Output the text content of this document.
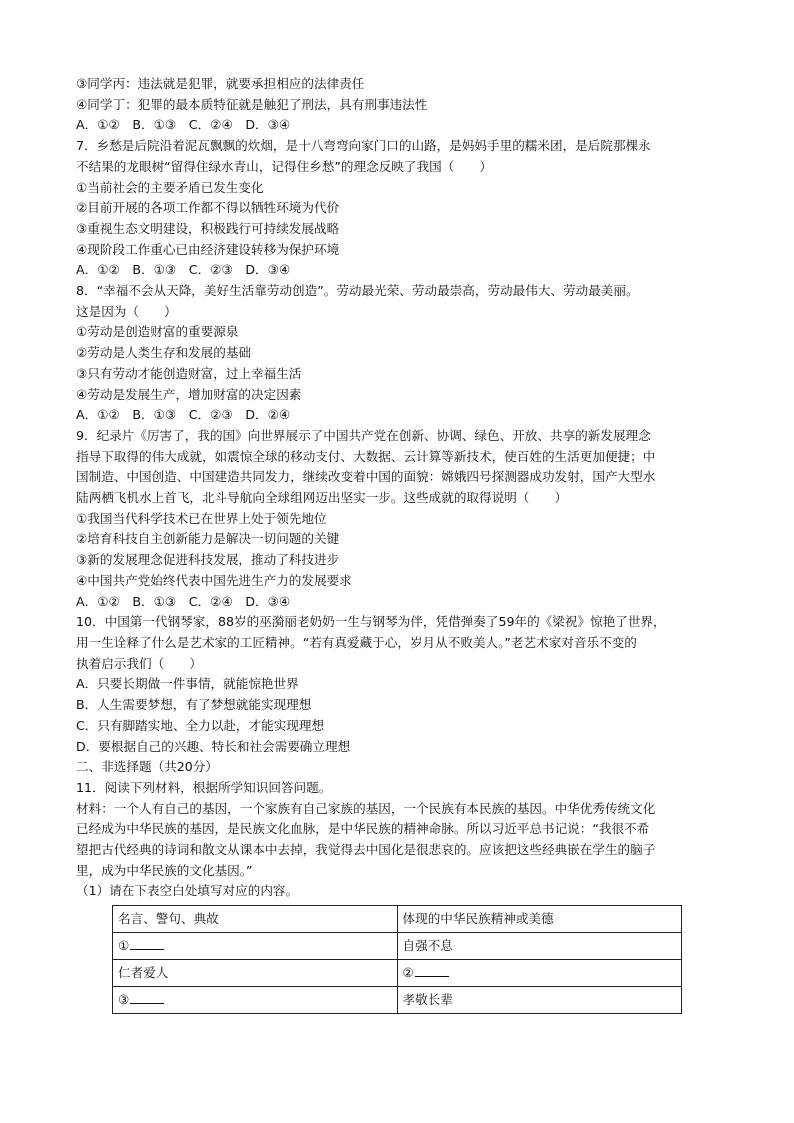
③同学丙：违法就是犯罪，就要承担相应的法律责任
④同学丁：犯罪的最本质特征就是触犯了刑法，具有刑事违法性
A．①②　B．①③　C．②④　D．③④
7．乡愁是后院沿着泥瓦飘飘的炊烟，是十八弯弯向家门口的山路，是妈妈手里的糯米团，是后院那棵永
不结果的龙眼树“留得住绿水青山，记得住乡愁”的理念反映了我国（　　）
①当前社会的主要矛盾已发生变化
②目前开展的各项工作都不得以牺牲环境为代价
③重视生态文明建设，积极践行可持续发展战略
④现阶段工作重心已由经济建设转移为保护环境
A．①②　B．①③　C．②③　D．③④
8．“幸福不会从天降，美好生活靠劳动创造”。劳动最光荣、劳动最崇高，劳动最伟大、劳动最美丽。
这是因为（　　）
①劳动是创造财富的重要源泉
②劳动是人类生存和发展的基础
③只有劳动才能创造财富，过上幸福生活
④劳动是发展生产，增加财富的决定因素
A．①②　B．①③　C．②③　D．②④
9．纪录片《厉害了，我的国》向世界展示了中国共产党在创新、协调、绿色、开放、共享的新发展理念
指导下取得的伟大成就，如震惊全球的移动支付、大数据、云计算等新技术，使百姓的生活更加便捷；中
国制造、中国创造、中国建造共同发力，继续改变着中国的面貌：嫦娥四号探测器成功发射，国产大型水
陆两栖飞机水上首飞，北斗导航向全球组网迈出坚实一步。这些成就的取得说明（　　）
①我国当代科学技术已在世界上处于领先地位
②培育科技自主创新能力是解决一切问题的关键
③新的发展理念促进科技发展，推动了科技进步
④中国共产党始终代表中国先进生产力的发展要求
A．①②　B．①③　C．②④　D．③④
10．中国第一代钢琴家，88岁的巫漪丽老奶奶一生与钢琴为伴，凭借弹奏了59年的《梁祝》惊艳了世界，
用一生诠释了什么是艺术家的工匠精神。“若有真爱藏于心，岁月从不败美人。”老艺术家对音乐不变的
执着启示我们（　　）
A．只要长期做一件事情，就能惊艳世界
B．人生需要梦想，有了梦想就能实现理想
C．只有脚踏实地、全力以赴，才能实现理想
D．要根据自己的兴趣、特长和社会需要确立理想
二、非选择题（共20分）
11．阅读下列材料，根据所学知识回答问题。
材料：一个人有自己的基因，一个家族有自己家族的基因，一个民族有本民族的基因。中华优秀传统文化
已经成为中华民族的基因，是民族文化血脉，是中华民族的精神命脉。所以习近平总书记说：“我很不希
望把古代经典的诗词和散文从课本中去掉，我觉得去中国化是很悲哀的。应该把这些经典嵌在学生的脑子
里，成为中华民族的文化基因。”
（1）请在下表空白处填写对应的内容。
名言、警句、典故	体现的中华民族精神或美德
①	自强不息
仁者爱人	②
③	孝敬长辈
